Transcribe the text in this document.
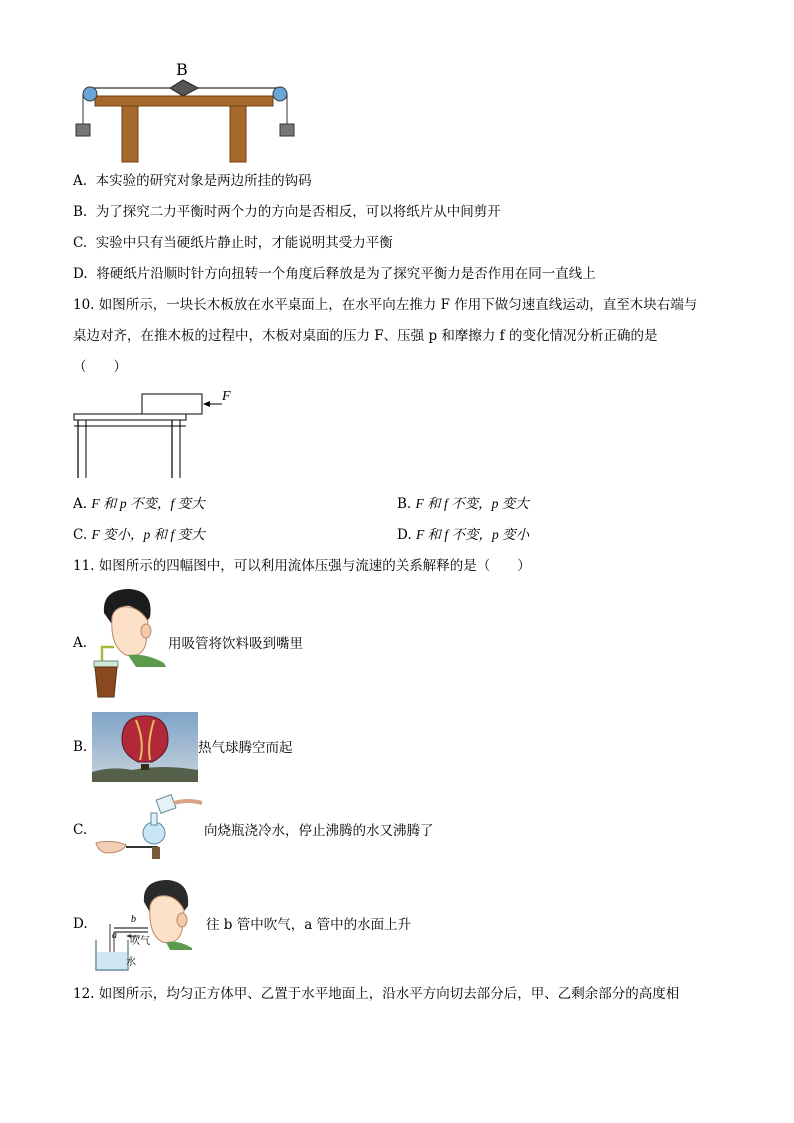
B
A. 本实验的研究对象是两边所挂的钩码
B. 为了探究二力平衡时两个力的方向是否相反，可以将纸片从中间剪开
C. 实验中只有当硬纸片静止时，才能说明其受力平衡
D. 将硬纸片沿顺时针方向扭转一个角度后释放是为了探究平衡力是否作用在同一直线上
10. 如图所示，一块长木板放在水平桌面上，在水平向左推力 F 作用下做匀速直线运动，直至木块右端与
桌边对齐，在推木板的过程中，木板对桌面的压力 F、压强 p 和摩擦力 f 的变化情况分析正确的是
（　　）
F
A. F 和 p 不变，f 变大	B. F 和 f 不变，p 变大
C. F 变小，p 和 f 变大	D. F 和 f 不变，p 变小
11. 如图所示的四幅图中，可以利用流体压强与流速的关系解释的是（　　）
A.	用吸管将饮料吸到嘴里
B.	热气球腾空而起
C.	向烧瓶浇冷水，停止沸腾的水又沸腾了
D.	b
a
吹气
水
往 b 管中吹气，a 管中的水面上升
12. 如图所示，均匀正方体甲、乙置于水平地面上，沿水平方向切去部分后，甲、乙剩余部分的高度相
